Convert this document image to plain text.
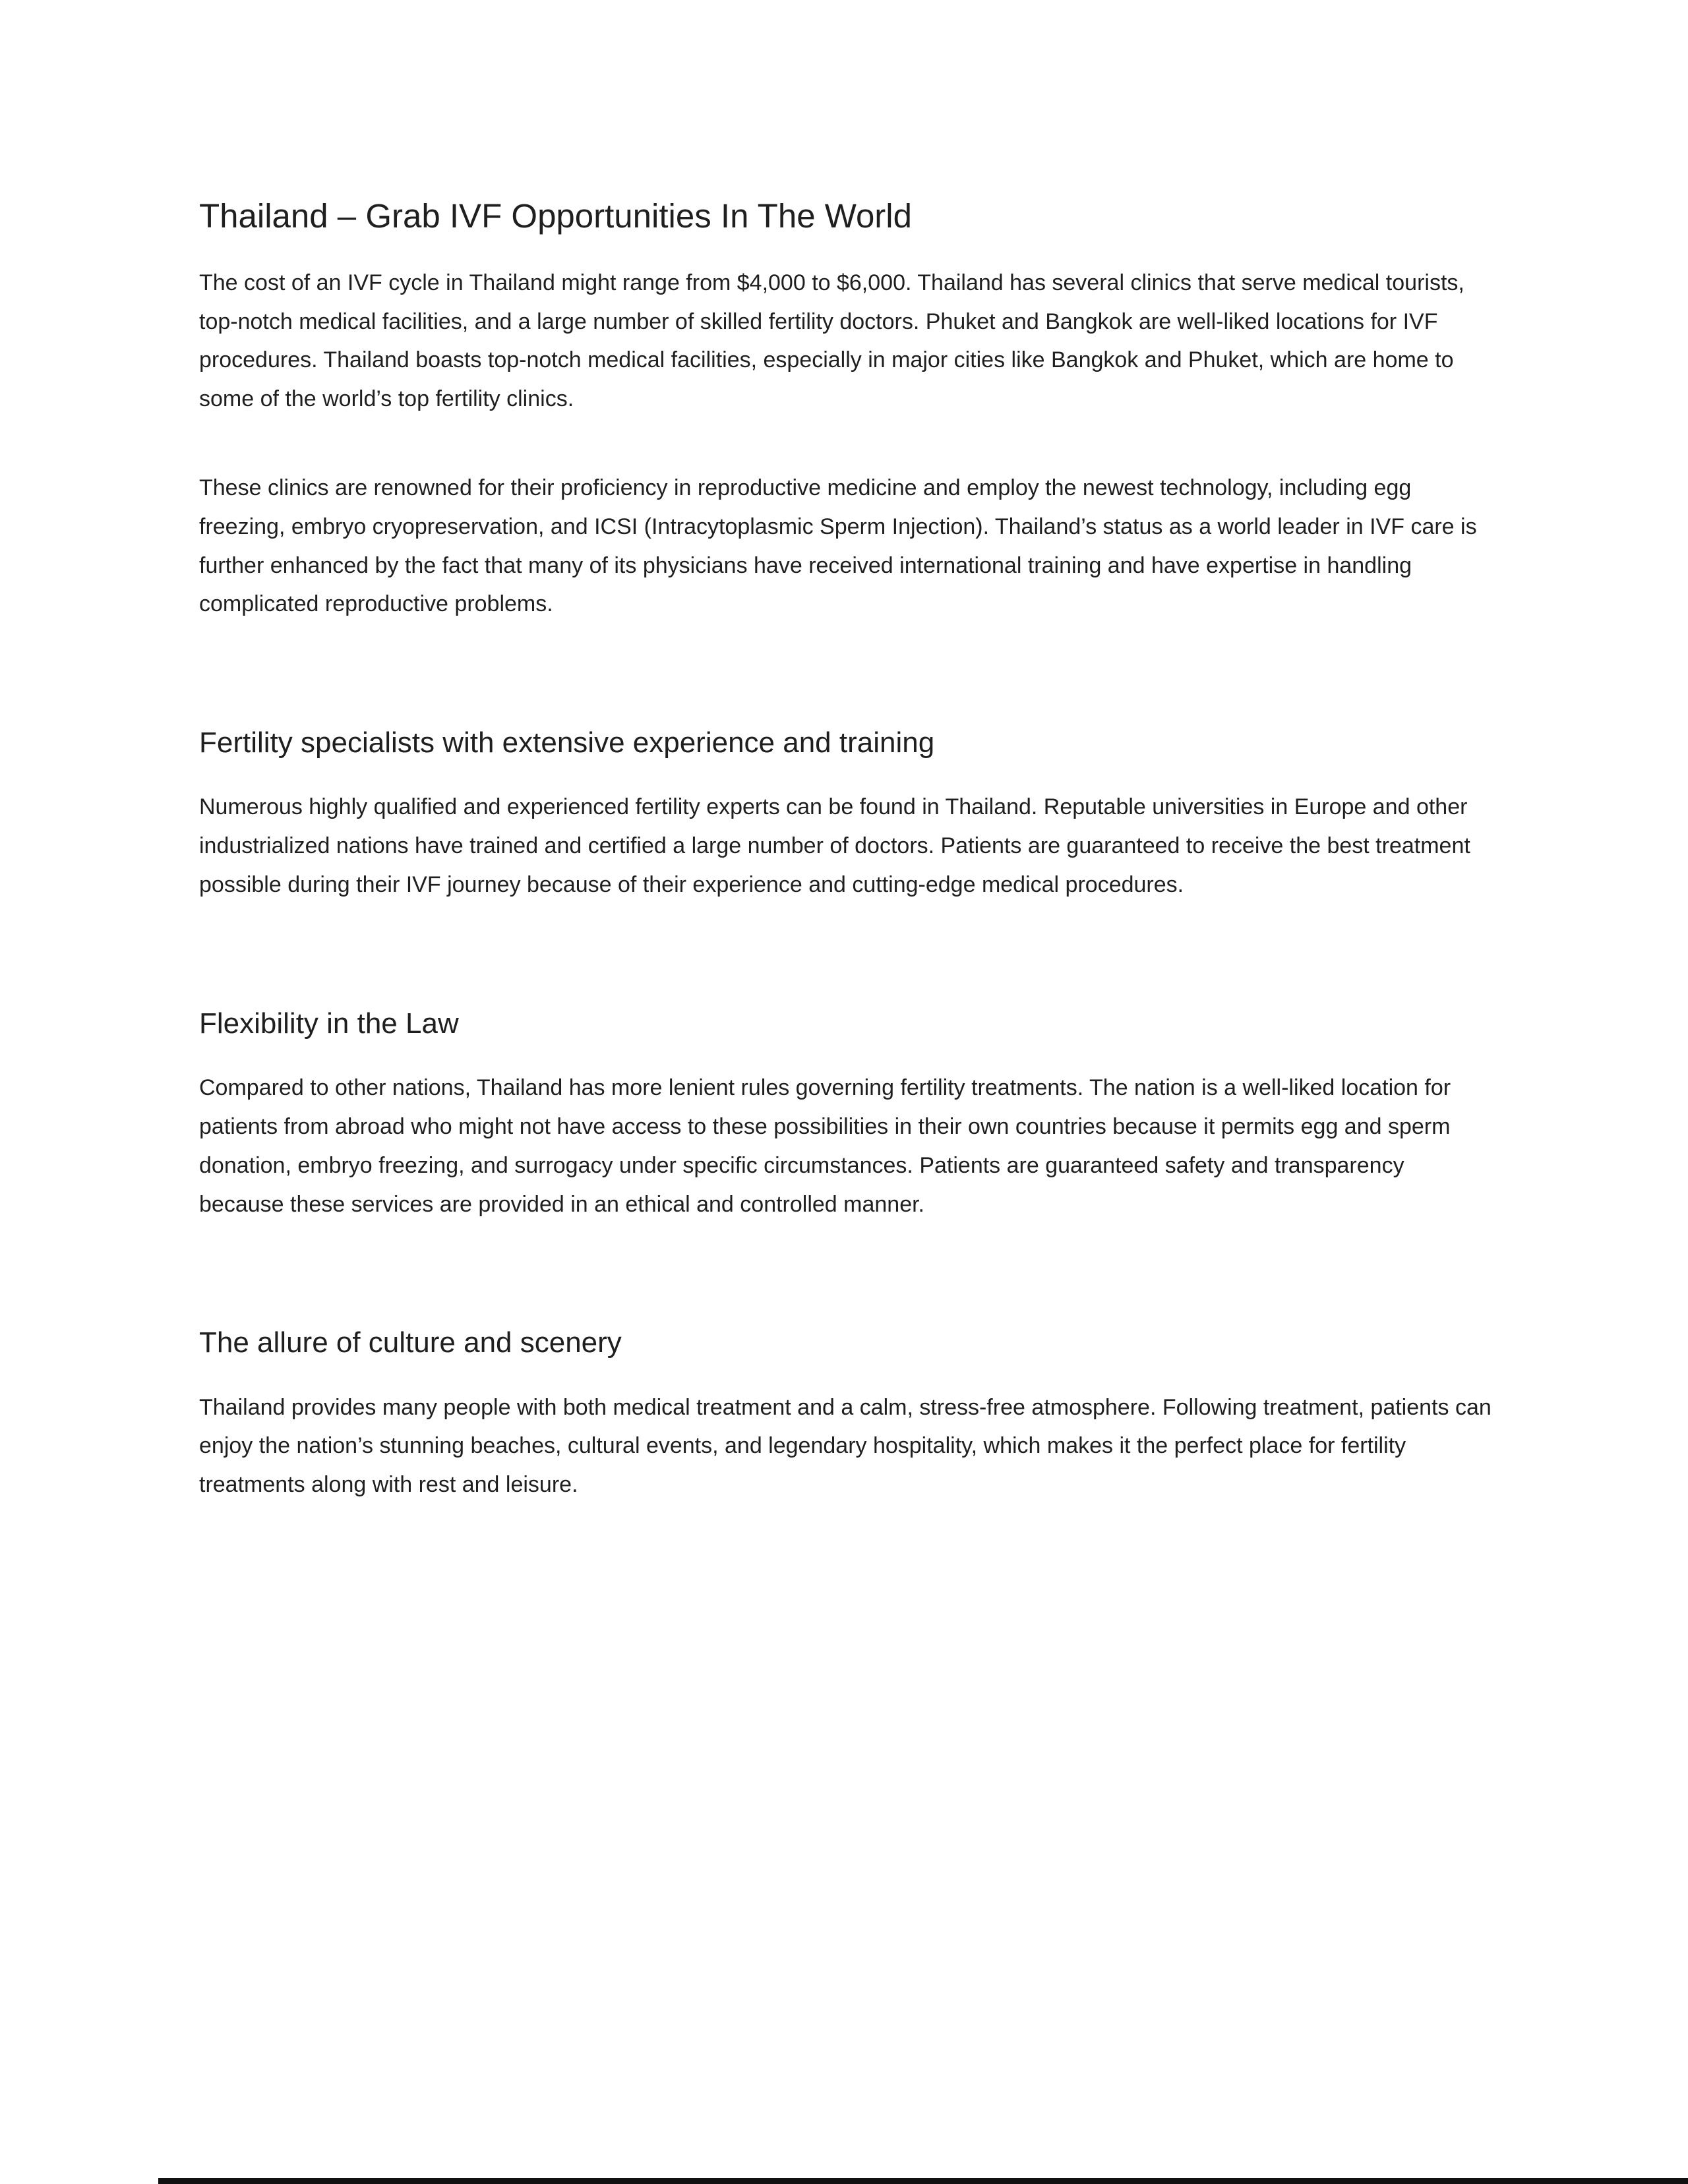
Thailand – Grab IVF Opportunities In The World

The cost of an IVF cycle in Thailand might range from $4,000 to $6,000. Thailand has several clinics that serve medical tourists, top-notch medical facilities, and a large number of skilled fertility doctors. Phuket and Bangkok are well-liked locations for IVF procedures. Thailand boasts top-notch medical facilities, especially in major cities like Bangkok and Phuket, which are home to some of the world’s top fertility clinics.

These clinics are renowned for their proficiency in reproductive medicine and employ the newest technology, including egg freezing, embryo cryopreservation, and ICSI (Intracytoplasmic Sperm Injection). Thailand’s status as a world leader in IVF care is further enhanced by the fact that many of its physicians have received international training and have expertise in handling complicated reproductive problems.

Fertility specialists with extensive experience and training

Numerous highly qualified and experienced fertility experts can be found in Thailand. Reputable universities in Europe and other industrialized nations have trained and certified a large number of doctors. Patients are guaranteed to receive the best treatment possible during their IVF journey because of their experience and cutting-edge medical procedures.

Flexibility in the Law

Compared to other nations, Thailand has more lenient rules governing fertility treatments. The nation is a well-liked location for patients from abroad who might not have access to these possibilities in their own countries because it permits egg and sperm donation, embryo freezing, and surrogacy under specific circumstances. Patients are guaranteed safety and transparency because these services are provided in an ethical and controlled manner.

The allure of culture and scenery

Thailand provides many people with both medical treatment and a calm, stress-free atmosphere. Following treatment, patients can enjoy the nation’s stunning beaches, cultural events, and legendary hospitality, which makes it the perfect place for fertility treatments along with rest and leisure.
